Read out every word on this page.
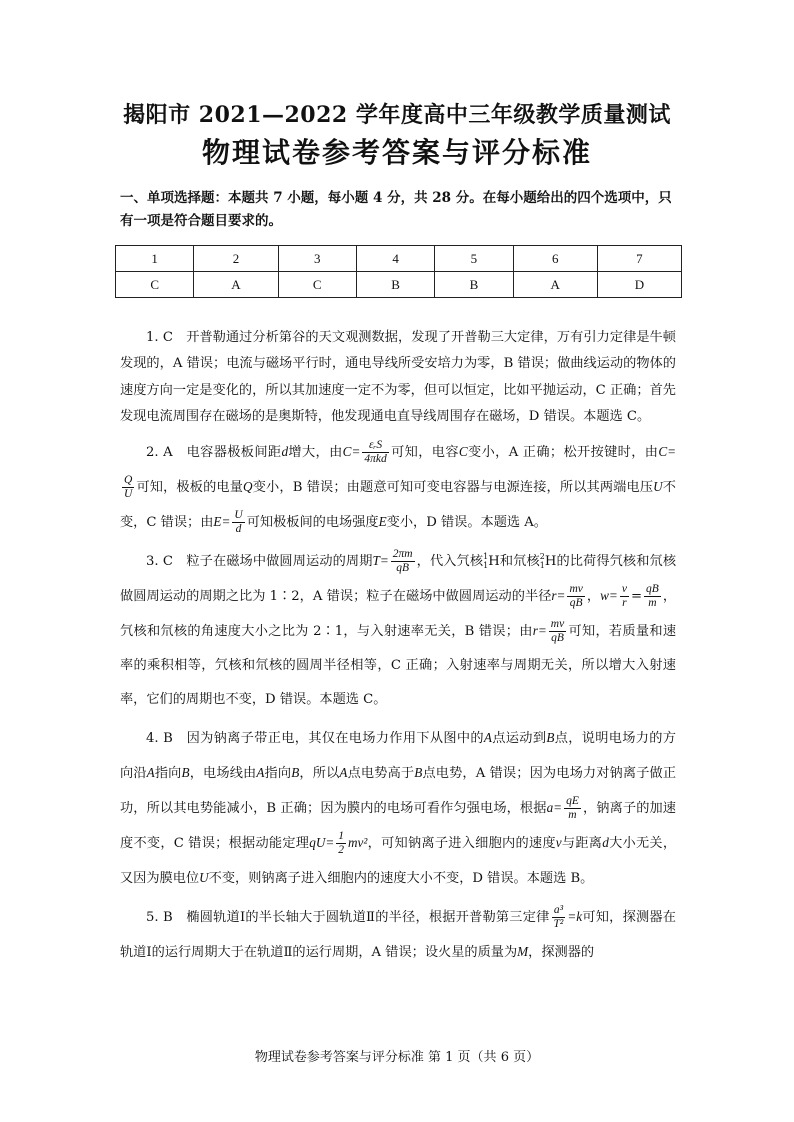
揭阳市 2021—2022 学年度高中三年级教学质量测试
物理试卷参考答案与评分标准
一、单项选择题：本题共 7 小题，每小题 4 分，共 28 分。在每小题给出的四个选项中，只有一项是符合题目要求的。
1	2	3	4	5	6	7
C	A	C	B	B	A	D

1. C　开普勒通过分析第谷的天文观测数据，发现了开普勒三大定律，万有引力定律是牛顿发现的，A 错误；电流与磁场平行时，通电导线所受安培力为零，B 错误；做曲线运动的物体的速度方向一定是变化的，所以其加速度一定不为零，但可以恒定，比如平抛运动，C 正确；首先发现电流周围存在磁场的是奥斯特，他发现通电直导线周围存在磁场，D 错误。本题选 C。

2. A　电容器极板间距d增大，由$C= \frac{\text{εᵣS}}{\text{4πkd}}$ 可知，电容C变小，A 正确；松开按键时，由C=
$\frac{Q}{U}$ 可知，极板的电量Q变小，B 错误；由题意可知可变电容器与电源连接，所以其两端电压U不变，C 错误；由$E= \frac{U}{d}$ 可知极板间的电场强度E变小，D 错误。本题选 A。

3. C　粒子在磁场中做圆周运动的周期$T= \frac{2\pi m}{qB}$ ，代入氕核 1
1 H和氘核 2
1 H的比荷得氕核和氘核做圆周运动的周期之比为 1∶2，A 错误；粒子在磁场中做圆周运动的半径$r= \frac{mv}{qB}$ ，$w= \frac{v}{r} = \frac{qB}{m}$ ，氕核和氘核的角速度大小之比为 2∶1，与入射速率无关，B 错误；由$r= \frac{mv}{qB}$ 可知，若质量和速率的乘积相等，氕核和氘核的圆周半径相等，C 正确；入射速率与周期无关，所以增大入射速率，它们的周期也不变，D 错误。本题选 C。

4. B　因为钠离子带正电，其仅在电场力作用下从图中的A点运动到B点，说明电场力的方向沿A指向B，电场线由A指向B，所以A点电势高于B点电势，A 错误；因为电场力对钠离子做正功，所以其电势能减小，B 正确；因为膜内的电场可看作匀强电场，根据$a= \frac{qE}{m}$ ，钠离子的加速度不变，C 错误；根据动能定理$qU= \frac{1}{2} mv^2$，可知钠离子进入细胞内的速度v与距离d大小无关，又因为膜电位U不变，则钠离子进入细胞内的速度大小不变，D 错误。本题选 B。

5. B　椭圆轨道Ⅰ的半长轴大于圆轨道Ⅱ的半径，根据开普勒第三定律 $\frac{\text{a³}}{\text{T²}} =k$可知，探测器在轨道Ⅰ的运行周期大于在轨道Ⅱ的运行周期，A 错误；设火星的质量为M，探测器的

物理试卷参考答案与评分标准 第 1 页（共 6 页）
